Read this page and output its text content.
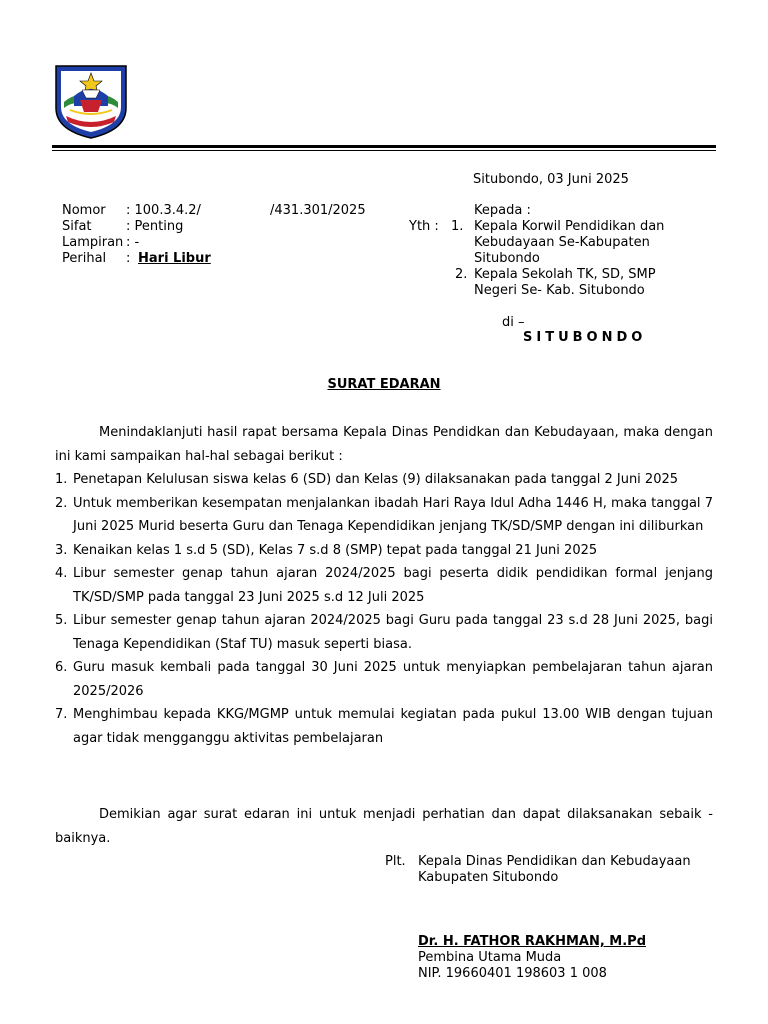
Situbondo, 03 Juni 2025
Nomor : 100.3.4.2/	/431.301/2025
Sifat	: Penting
Lampiran : -
Perihal : Hari Libur
Kepada :
Yth : 1. Kepala Korwil Pendidikan dan
Kebudayaan Se-Kabupaten
Situbondo
2. Kepala Sekolah TK, SD, SMP
Negeri Se- Kab. Situbondo
di –
SITUBONDO
SURAT EDARAN
Menindaklanjuti hasil rapat bersama Kepala Dinas Pendidkan dan Kebudayaan, maka dengan ini kami sampaikan hal-hal sebagai berikut :
1. Penetapan Kelulusan siswa kelas 6 (SD) dan Kelas (9) dilaksanakan pada tanggal 2 Juni 2025
2. Untuk memberikan kesempatan menjalankan ibadah Hari Raya Idul Adha 1446 H, maka tanggal 7 Juni 2025 Murid beserta Guru dan Tenaga Kependidikan jenjang TK/SD/SMP dengan ini diliburkan
3. Kenaikan kelas 1 s.d 5 (SD), Kelas 7 s.d 8 (SMP) tepat pada tanggal 21 Juni 2025
4. Libur semester genap tahun ajaran 2024/2025 bagi peserta didik pendidikan formal jenjang TK/SD/SMP pada tanggal 23 Juni 2025 s.d 12 Juli 2025
5. Libur semester genap tahun ajaran 2024/2025 bagi Guru pada tanggal 23 s.d 28 Juni 2025, bagi Tenaga Kependidikan (Staf TU) masuk seperti biasa.
6. Guru masuk kembali pada tanggal 30 Juni 2025 untuk menyiapkan pembelajaran tahun ajaran 2025/2026
7. Menghimbau kepada KKG/MGMP untuk memulai kegiatan pada pukul 13.00 WIB dengan tujuan agar tidak mengganggu aktivitas pembelajaran
Demikian agar surat edaran ini untuk menjadi perhatian dan dapat dilaksanakan sebaik - baiknya.
Plt. Kepala Dinas Pendidikan dan Kebudayaan
Kabupaten Situbondo
Dr. H. FATHOR RAKHMAN, M.Pd
Pembina Utama Muda
NIP. 19660401 198603 1 008
